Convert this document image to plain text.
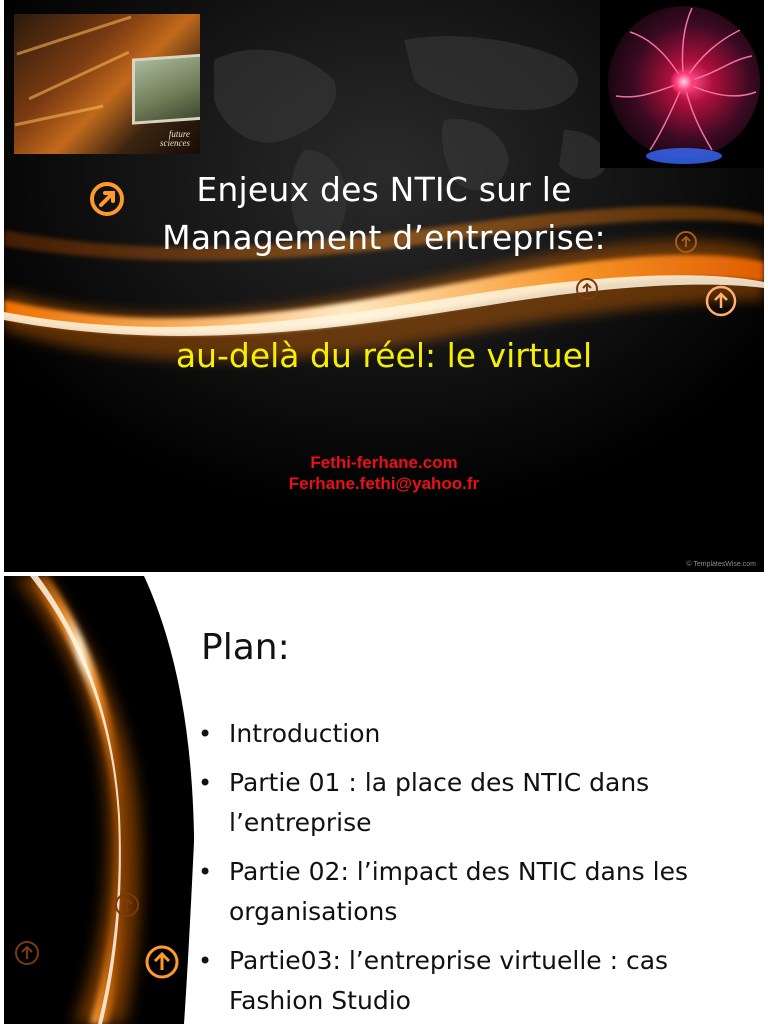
future
sciences
Enjeux des NTIC sur le
Management d’entreprise:
au-delà du réel: le virtuel
Fethi-ferhane.com
Ferhane.fethi@yahoo.fr
© TemplatesWise.com
Plan:
• Introduction
• Partie 01 : la place des NTIC dans l’entreprise
• Partie 02: l’impact des NTIC dans les organisations
• Partie03: l’entreprise virtuelle : cas Fashion Studio
